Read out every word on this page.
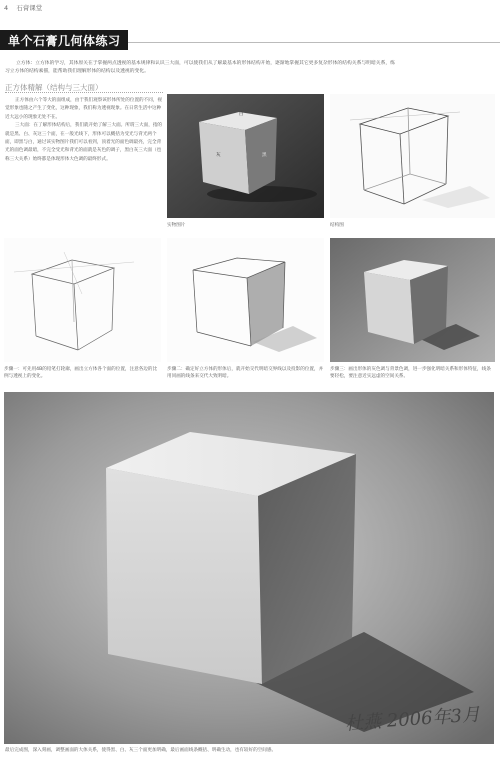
4 石膏课堂
单个石膏几何体练习

立方体：立方体的学习，其体原关在于掌握两点透视的基本规律和认识三大面，可以使我们从了解最基本的形体结构开始，逐渐地掌握其它更多复杂形体的结构关系与明暗关系，练

习立方体的结构素描，能帮助我们理解形体的结构以及透视的变化。

正方体精解（结构与三大面）

正方体由六个等大的面组成，由于我们观察该形体所处的位置的不同，视觉形象也随之产生了变化，这种现象，我们称为透视现象。在日常生活中这种近大远小的现象无处不在。

三大面：在了解形体结构后，我们就开始了解三大面。所谓三大面，指的就是黑、白、灰这三个面，在一般光线下，形体可以概括为受光与背光两个面，即黑与白，通过该实物图片我们可以看到，顶着光的面色调最亮，完全背光的面色调最暗，不完全受光和背光的面就是灰色的调子，黑白灰三大面（也称三大关系）始终都是体现形体大色调的最终形式。

白
灰	黑
实物图片	结构图
步骤一：可先用4B的铅笔打轮廓，画出立方体各个面的位置，注意各边的比例与透视上的变化。
步骤二：确定好立方体的形体后，就开始交代明暗交界线以及投影的位置，并用同画的线条来交代大致明暗。
步骤三：画出形体的灰色调与背景色调，进一步强化明暗关系和形体特征，线条要轻松，要注意近实远虚的空间关系。
杜燕 2006年3月
最后完成图，深入刻画，调整画面的大体关系，使得黑、白、灰三个面更加明确，最后画面线条概括、明确生动，也有较好的空间感。
